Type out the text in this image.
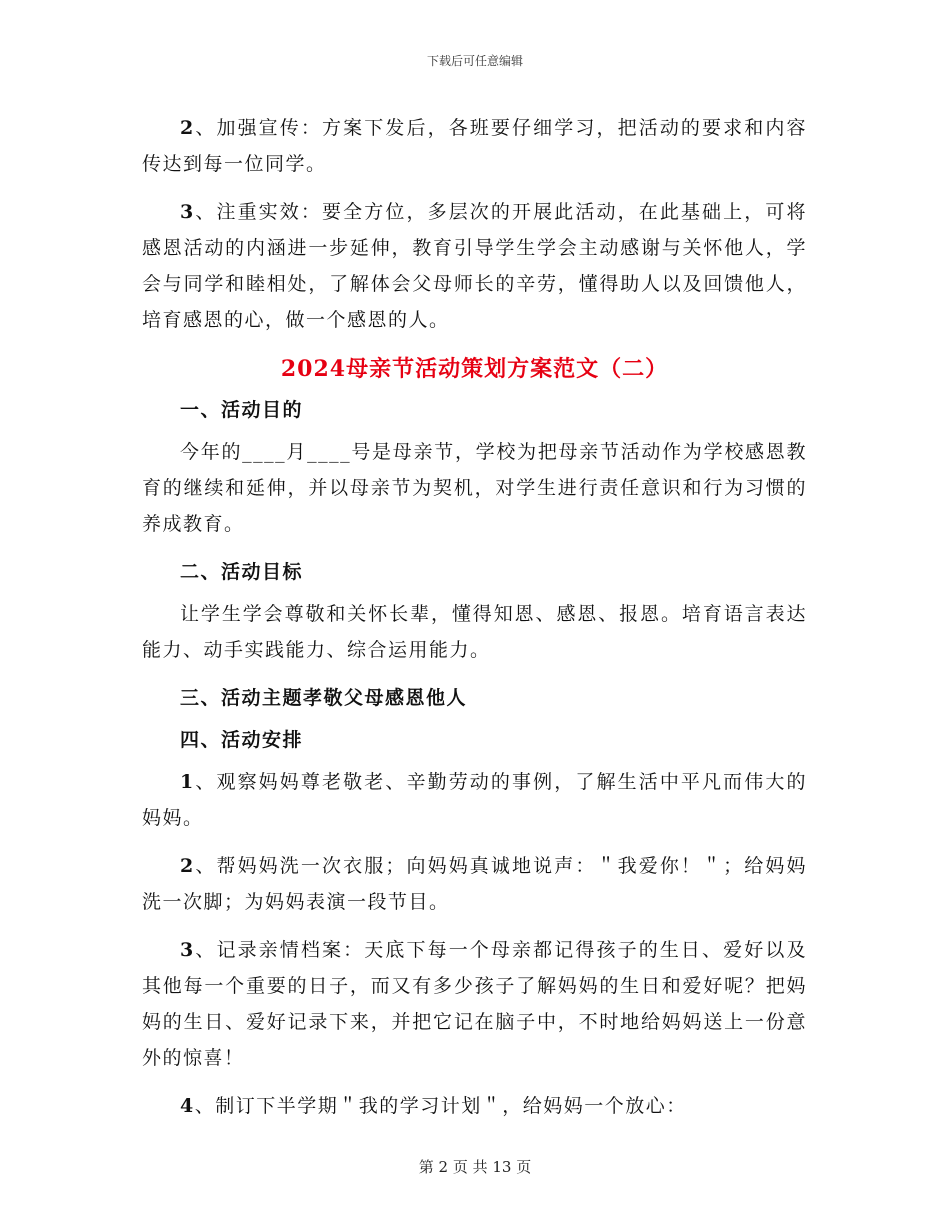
下载后可任意编辑

2、加强宣传：方案下发后，各班要仔细学习，把活动的要求和内容传达到每一位同学。

3、注重实效：要全方位，多层次的开展此活动，在此基础上，可将感恩活动的内涵进一步延伸，教育引导学生学会主动感谢与关怀他人，学会与同学和睦相处，了解体会父母师长的辛劳，懂得助人以及回馈他人，培育感恩的心，做一个感恩的人。

2024母亲节活动策划方案范文（二）
一、活动目的

今年的____月____号是母亲节，学校为把母亲节活动作为学校感恩教育的继续和延伸，并以母亲节为契机，对学生进行责任意识和行为习惯的养成教育。

二、活动目标

让学生学会尊敬和关怀长辈，懂得知恩、感恩、报恩。培育语言表达能力、动手实践能力、综合运用能力。

三、活动主题孝敬父母感恩他人
四、活动安排

1、观察妈妈尊老敬老、辛勤劳动的事例，了解生活中平凡而伟大的妈妈。

2、帮妈妈洗一次衣服；向妈妈真诚地说声：＂我爱你！＂；给妈妈洗一次脚；为妈妈表演一段节目。

3、记录亲情档案：天底下每一个母亲都记得孩子的生日、爱好以及其他每一个重要的日子，而又有多少孩子了解妈妈的生日和爱好呢？把妈妈的生日、爱好记录下来，并把它记在脑子中，不时地给妈妈送上一份意外的惊喜！

4、制订下半学期＂我的学习计划＂，给妈妈一个放心：

第 2 页 共 13 页
